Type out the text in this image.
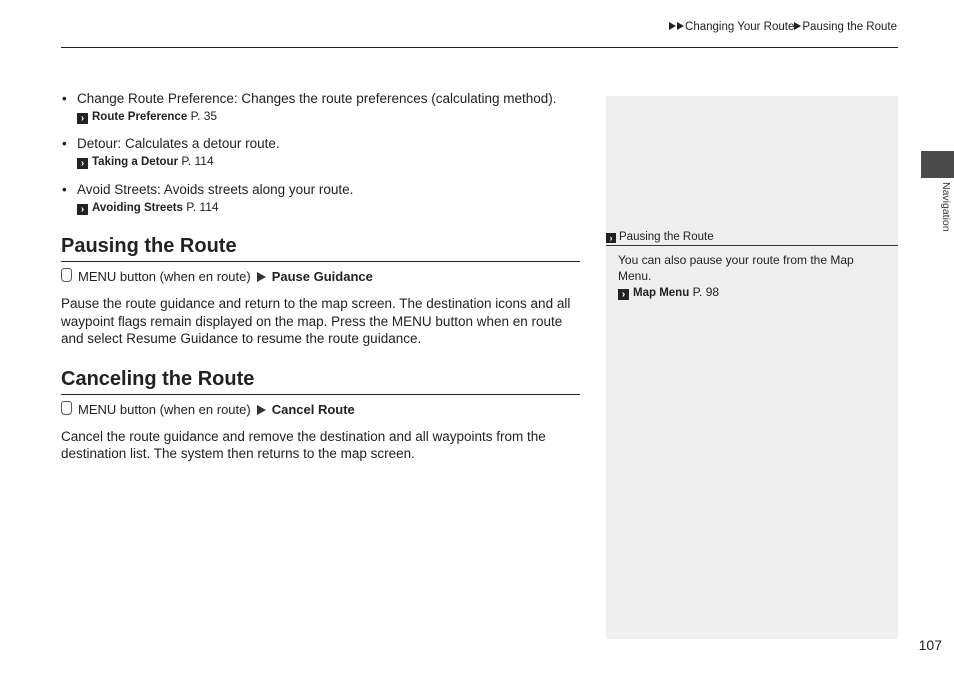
Changing Your Route Pausing the Route
Navigation
• Change Route Preference: Changes the route preferences (calculating method).
› Route Preference P. 35
• Detour: Calculates a detour route.
› Taking a Detour P. 114
• Avoid Streets: Avoids streets along your route.
› Avoiding Streets P. 114
Pausing the Route
MENU button (when en route) Pause Guidance
Pause the route guidance and return to the map screen. The destination icons and all waypoint flags remain displayed on the map. Press the MENU button when en route and select Resume Guidance to resume the route guidance.
Canceling the Route
MENU button (when en route) Cancel Route
Cancel the route guidance and remove the destination and all waypoints from the destination list. The system then returns to the map screen.
› Pausing the Route
You can also pause your route from the Map Menu.
› Map Menu P. 98
107
